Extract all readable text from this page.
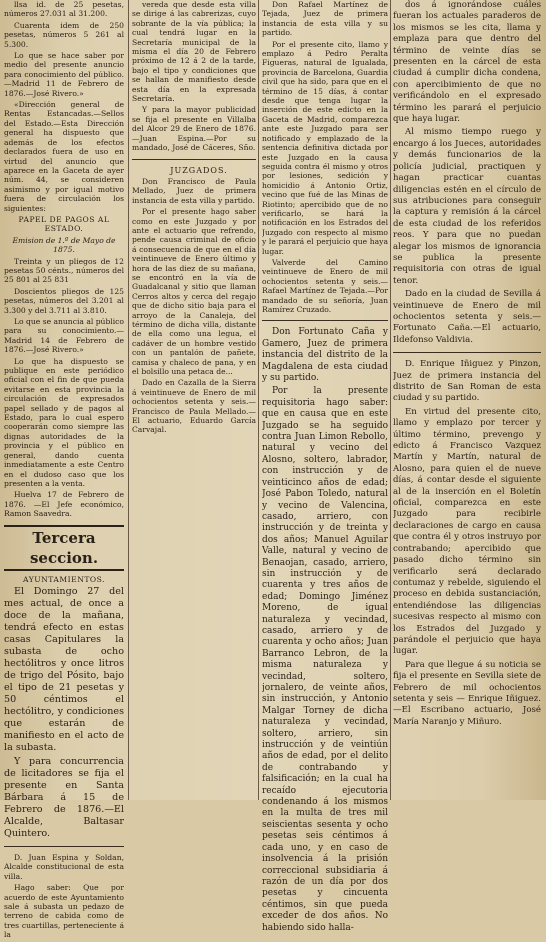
llsa id. de 25 pesetas, números 27.031 al 31.200.

Cuarenta idem de 250 pesetas, números 5 261 al 5.300.

Lo que se hace saber por medio del presente anuncio para conocimiento del público.—Madrid 11 de Febrero de 1876.—José Rivero.»

«Dirección general de Rentas Estancadas.—Sellos del Estado.—Esta Dirección general ha dispuesto que además de los efectos declarados fuera de uso en virtud del anuncio que aparece en la Gaceta de ayer núm. 44, se consideren asimismo y por igual motivo fuera de circulación los siguientes:

PAPEL DE PAGOS AL ESTADO.

Emision de 1.º de Mayo de 1875.

Treinta y un pliegos de 12 pesetas 50 cénts., números del 25 801 al 25 831

Doscientos pliegos de 125 pesetas, números del 3.201 al 3.300 y del 3.711 al 3.810.

Lo que se anuncia al público para su conocimiento.—Madrid 14 de Febrero de 1876.—José Rivero.»

Lo que ha dispuesto se publique en este periódico oficial con el fin de que pueda evitarse en esta provincia la circulación de expresados papel sellado y de pagos al Estado, para lo cual espero cooperarán como siempre las dignas autoridades de la provincia y el público en general, dando cuenta inmediatamente a este Centro en el dudoso caso que los presenten a la venta.

Huelva 17 de Febrero de 1876. —El Jefe económico, Ramon Saavedra.

Tercera seccion.

AYUNTAMIENTOS.

El Domingo 27 del mes actual, de once a doce de la mañana, tendrá efecto en estas casas Capitulares la subasta de ocho hectólitros y once litros de trigo del Pósito, bajo el tipo de 21 pesetas y 50 céntimos el hectólitro, y condiciones que estarán de manifiesto en el acto de la subasta.

Y para concurrencia de licitadores se fija el presente en Santa Bárbara á 15 de Febrero de 1876.—El Alcalde, Baltasar Quintero.

D. Juan Espina y Soldan, Alcalde constitucional de esta villa.

Hago saber: Que por acuerdo de este Ayuntamiento sale á subasta un pedazo de terreno de cabida como de tres cuartillas, perteneciente á la

vereda que desde esta villa se dirige á las cabrerizas, cuyo sobrante de la vía pública; la cual tendrá lugar en la Secretaría municipal de la misma el día 20 de Febrero próximo de 12 á 2 de la tarde, bajo el tipo y condiciones que se hallan de manifiesto desde esta día en la expresada Secretaría.

Y para la mayor publicidad se fija el presente en Villalba del Alcor 29 de Enero de 1876.—Juan Espina.—Por su mandado, José de Cáceres, Sño.

JUZGADOS.

Don Francisco de Paula Mellado, Juez de primera instancia de esta villa y partido.

Por el presente hago saber como en este Juzgado y por ante el actuario que refrendo, pende causa criminal de oficio á consecuencia de que en el día veintinueve de Enero último y hora de las diez de su mañana, se encontró en la vía de Guadalcanal y sitio que llaman Cerros altos y cerca del regajo que de dicho sitio baja para el arroyo de la Canaleja, del término de dicha villa, distante de ella como una legua, el cadáver de un hombre vestido con un pantalón de pañete, camisa y chaleco de pana, y en el bolsillo una petaca de...

Dado en Cazalla de la Sierra á veintinueve de Enero de mil ochocientos setenta y seis.—Francisco de Paula Mellado.—El actuario, Eduardo García Carvajal.

Don Rafael Martínez de Tejada, Juez de primera instancia de esta villa y su partido.

Por el presente cito, llamo y emplazo á Pedro Peralta Figueras, natural de Igualada, provincia de Barcelona, Guardia civil que ha sido, para que en el término de 15 días, á contar desde que tenga lugar la inserción de este edicto en la Gaceta de Madrid, comparezca ante este Juzgado para ser notificado y emplazado de la sentencia definitiva dictada por este Juzgado en la causa seguida contra él mismo y otros por lesiones, sedición y homicidio á Antonio Ortiz, vecino que fué de las Minas de Riotinto; apercibido que de no verificarlo, se hará la notificación en los Estrados del Juzgado con respecto al mismo y le parará el perjuicio que haya lugar.

Valverde del Camino veintinueve de Enero de mil ochocientos setenta y seis.—Rafael Martínez de Tejada.—Por mandado de su señoría, Juan Ramírez Cruzado.

Don Fortunato Caña y Gamero, Juez de primera instancia del distrito de la Magdalena de esta ciudad y su partido.

Por la presente requisitoria hago saber: que en causa que en este Juzgado se ha seguido contra Juan Limon Rebollo, natural y vecino del Alosno, soltero, labrador, con instrucción y de veinticinco años de edad; José Pabon Toledo, natural y vecino de Valencina, casado, arriero, con instrucción y de treinta y dos años; Manuel Aguilar Valle, natural y vecino de Benaojan, casado, arriero, sin instrucción y de cuarenta y tres años de edad; Domingo Jiménez Moreno, de igual naturaleza y vecindad, casado, arriero y de cuarenta y ocho años; Juan Barranco Lebron, de la misma naturaleza y vecindad, soltero, jornalero, de veinte años, sin instrucción, y Antonio Malgar Torney de dicha naturaleza y vecindad, soltero, arriero, sin instrucción y de veintiún años de edad, por el delito de contrabando y falsificación; en la cual ha recaído ejecutoria condenando á los mismos en la multa de tres mil seiscientas sesenta y ocho pesetas seis céntimos á cada uno, y en caso de insolvencia á la prisión correccional subsidiaria á razón de un día por dos pesetas y cincuenta céntimos, sin que pueda exceder de dos años. No habiendo sido halla-

dos á ignorándose cuáles fueran los actuales paraderos de los mismos se les cita, llama y emplaza para que dentro del término de veinte días se presenten en la cárcel de esta ciudad á cumplir dicha condena, con apercibimiento de que no verificándolo en el expresado término les parará el perjuicio que haya lugar.

Al mismo tiempo ruego y encargo á los Jueces, autoridades y demás funcionarios de la policía judicial, practiquen y hagan practicar cuantas diligencias estén en el círculo de sus atribuciones para conseguir la captura y remisión á la cárcel de esta ciudad de los referidos reos. Y para que no puedan alegar los mismos de ignorancia se publica la presente requisitoria con otras de igual tenor.

Dado en la ciudad de Sevilla á veintinueve de Enero de mil ochocientos setenta y seis.—Fortunato Caña.—El actuario, Ildefonso Valdivia.

D. Enrique Iñiguez y Pinzon, Juez de primera instancia del distrito de San Roman de esta ciudad y su partido.

En virtud del presente cito, llamo y emplazo por tercer y último término, prevengo y edicto á Francisco Vazquez Martín y Martín, natural de Alosno, para quien el de nueve días, á contar desde el siguiente al de la inserción en el Boletín oficial, comparezca en este Juzgado para recibirle declaraciones de cargo en causa que contra él y otros instruyo por contrabando; apercibido que pasado dicho término sin verificarlo será declarado contumaz y rebelde, siguiendo el proceso en debida sustanciación, entendiéndose las diligencias sucesivas respecto al mismo con los Estrados del Juzgado y parándole el perjuicio que haya lugar.

Para que llegue á su noticia se fija el presente en Sevilla siete de Febrero de mil ochocientos setenta y seis — Enrique Iñiguez.—El Escribano actuario, José María Naranjo y Miñuro.
